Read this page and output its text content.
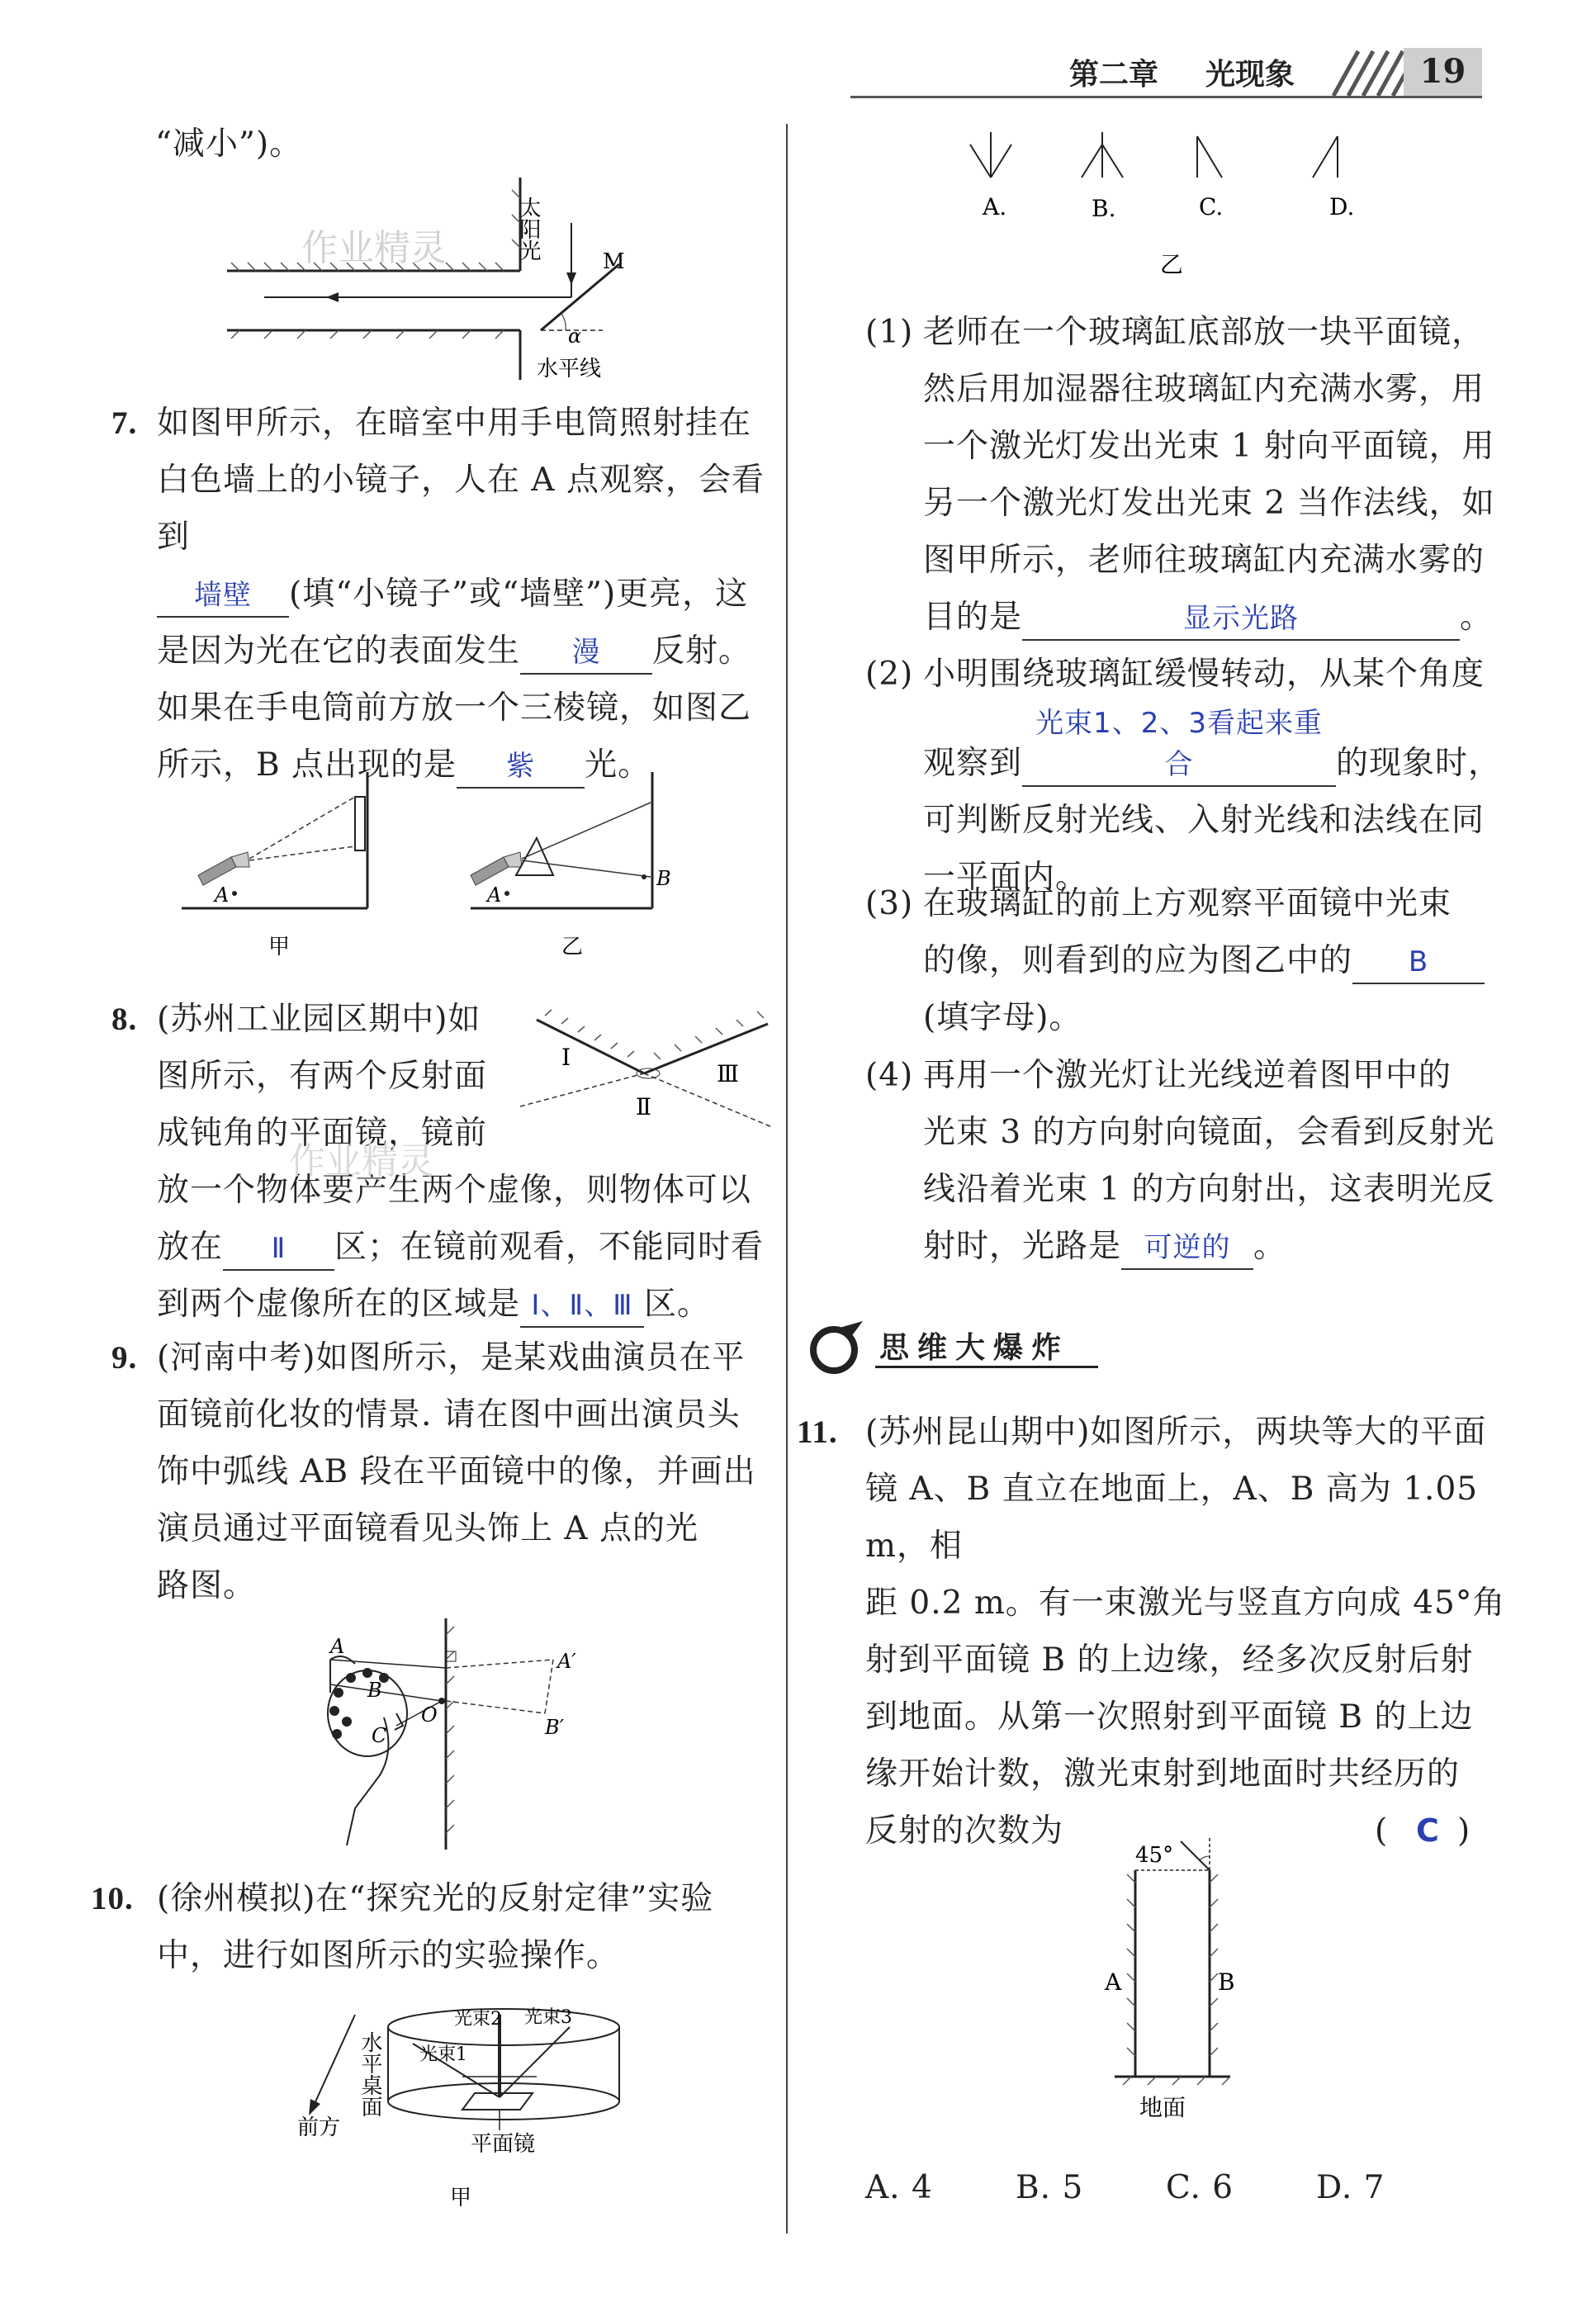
第二章 光现象	19
“减小”)。
太阳光
M
α
水平线
作业精灵
7. 如图甲所示，在暗室中用手电筒照射挂在
白色墙上的小镜子，人在 A 点观察，会看到
墙壁 (填“小镜子”或“墙壁”)更亮，这
是因为光在它的表面发生 漫 反射。
如果在手电筒前方放一个三棱镜，如图乙
所示，B 点出现的是 紫 光。
A	A
B
甲	乙
8. (苏州工业园区期中)如
图所示，有两个反射面
成钝角的平面镜，镜前
放一个物体要产生两个虚像，则物体可以
放在 Ⅱ 区；在镜前观看，不能同时看
到两个虚像所在的区域是 Ⅰ、Ⅱ、Ⅲ 区。
Ⅰ
Ⅱ
Ⅲ
作业精灵
9. (河南中考)如图所示，是某戏曲演员在平
面镜前化妆的情景. 请在图中画出演员头
饰中弧线 AB 段在平面镜中的像，并画出
演员通过平面镜看见头饰上 A 点的光
路图。
A
B
C
O
A′
B′
10. (徐州模拟)在“探究光的反射定律”实验
中，进行如图所示的实验操作。
水平桌面
前方
光束2 光束3
光束1
平面镜
甲
A.	B.	C.	D.
乙
(1) 老师在一个玻璃缸底部放一块平面镜，
然后用加湿器往玻璃缸内充满水雾，用
一个激光灯发出光束 1 射向平面镜，用
另一个激光灯发出光束 2 当作法线，如
图甲所示，老师往玻璃缸内充满水雾的
目的是	显示光路	。
(2) 小明围绕玻璃缸缓慢转动，从某个角度
观察到光束1、2、3看起来重合	的现象时，
可判断反射光线、入射光线和法线在同
一平面内。
(3) 在玻璃缸的前上方观察平面镜中光束
的像，则看到的应为图乙中的 B
(填字母)。
(4) 再用一个激光灯让光线逆着图甲中的
光束 3 的方向射向镜面，会看到反射光
线沿着光束 1 的方向射出，这表明光反
射时，光路是 可逆的 。
思维大爆炸
11. (苏州昆山期中)如图所示，两块等大的平面
镜 A、B 直立在地面上，A、B 高为 1.05 m，相
距 0.2 m。有一束激光与竖直方向成 45°角
射到平面镜 B 的上边缘，经多次反射后射
到地面。从第一次照射到平面镜 B 的上边
缘开始计数，激光束射到地面时共经历的
反射的次数为	( C )
45°
A	B
地面
A. 4	B. 5	C. 6	D. 7
